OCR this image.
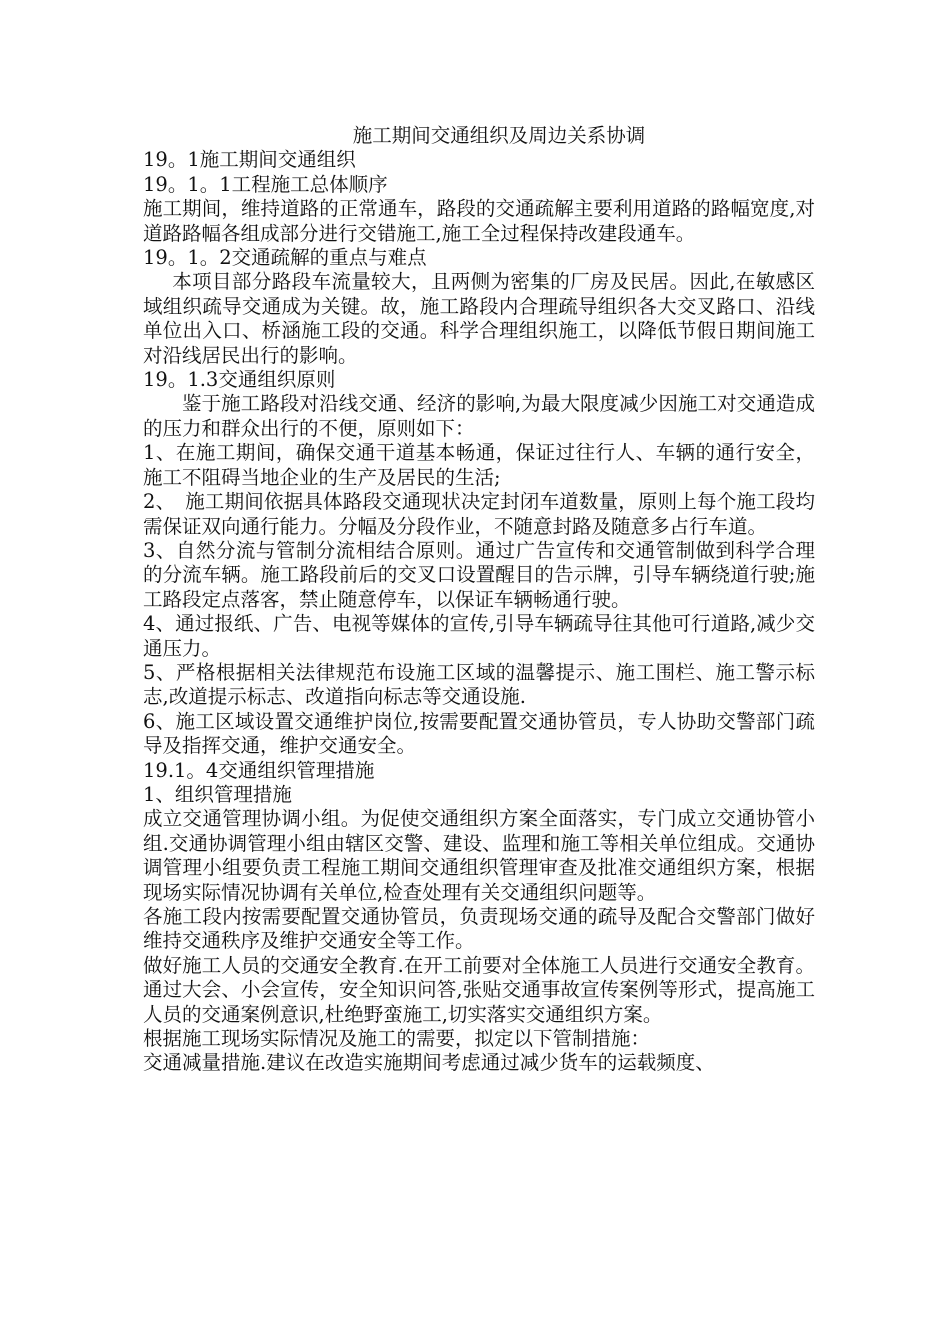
施工期间交通组织及周边关系协调

19。1施工期间交通组织

19。1。1工程施工总体顺序

施工期间，维持道路的正常通车，路段的交通疏解主要利用道路的路幅宽度,对道路路幅各组成部分进行交错施工,施工全过程保持改建段通车。

19。1。2交通疏解的重点与难点

本项目部分路段车流量较大，且两侧为密集的厂房及民居。因此,在敏感区域组织疏导交通成为关键。故，施工路段内合理疏导组织各大交叉路口、沿线单位出入口、桥涵施工段的交通。科学合理组织施工，以降低节假日期间施工对沿线居民出行的影响。

19。1.3交通组织原则

鉴于施工路段对沿线交通、经济的影响,为最大限度减少因施工对交通造成的压力和群众出行的不便，原则如下：

1、在施工期间，确保交通干道基本畅通，保证过往行人、车辆的通行安全，施工不阻碍当地企业的生产及居民的生活;

2、　施工期间依据具体路段交通现状决定封闭车道数量，原则上每个施工段均需保证双向通行能力。分幅及分段作业，不随意封路及随意多占行车道。

3、自然分流与管制分流相结合原则。通过广告宣传和交通管制做到科学合理的分流车辆。施工路段前后的交叉口设置醒目的告示牌，引导车辆绕道行驶;施工路段定点落客，禁止随意停车，以保证车辆畅通行驶。

4、通过报纸、广告、电视等媒体的宣传,引导车辆疏导往其他可行道路,减少交通压力。

5、严格根据相关法律规范布设施工区域的温馨提示、施工围栏、施工警示标志,改道提示标志、改道指向标志等交通设施.

6、施工区域设置交通维护岗位,按需要配置交通协管员，专人协助交警部门疏导及指挥交通，维护交通安全。

19.1。4交通组织管理措施

1、组织管理措施

成立交通管理协调小组。为促使交通组织方案全面落实，专门成立交通协管小组.交通协调管理小组由辖区交警、建设、监理和施工等相关单位组成。交通协调管理小组要负责工程施工期间交通组织管理审查及批准交通组织方案，根据现场实际情况协调有关单位,检查处理有关交通组织问题等。

各施工段内按需要配置交通协管员，负责现场交通的疏导及配合交警部门做好维持交通秩序及维护交通安全等工作。

做好施工人员的交通安全教育.在开工前要对全体施工人员进行交通安全教育。通过大会、小会宣传，安全知识问答,张贴交通事故宣传案例等形式，提高施工人员的交通案例意识,杜绝野蛮施工,切实落实交通组织方案。

根据施工现场实际情况及施工的需要，拟定以下管制措施：

交通减量措施.建议在改造实施期间考虑通过减少货车的运载频度、
